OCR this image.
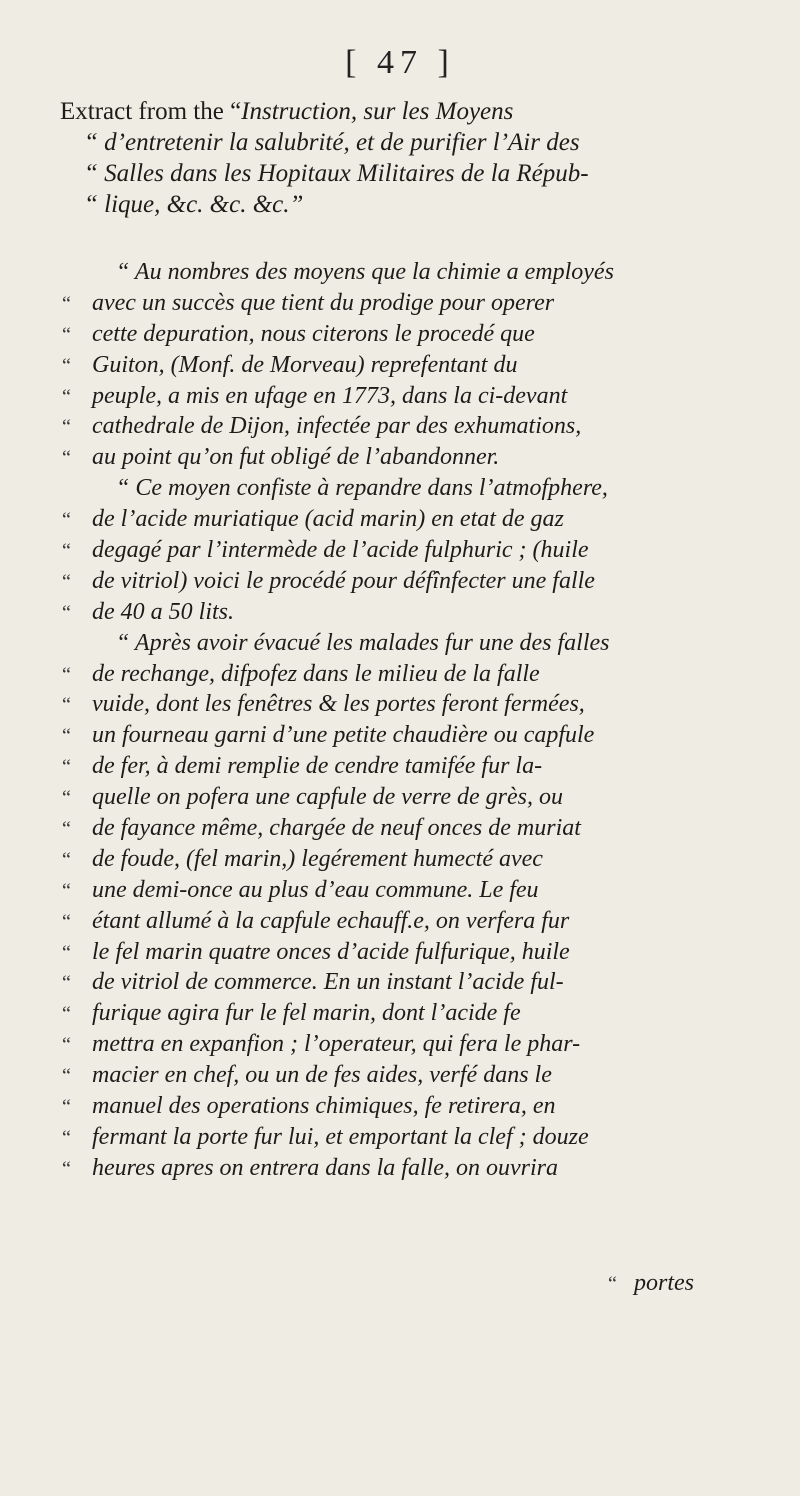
[ 47 ]
Extract from the “Instruction, sur les Moyens
“ d’entretenir la salubrité, et de purifier l’Air des
“ Salles dans les Hopitaux Militaires de la Répub-
“ lique, &c. &c. &c.”
“ Au nombres des moyens que la chimie a employés
“ avec un succès que tient du prodige pour operer
“ cette depuration, nous citerons le procedé que
“ Guiton, (Monf. de Morveau) reprefentant du
“ peuple, a mis en ufage en 1773, dans la ci-devant
“ cathedrale de Dijon, infectée par des exhumations,
“ au point qu’on fut obligé de l’abandonner.
“ Ce moyen confiste à repandre dans l’atmofphere,
“ de l’acide muriatique (acid marin) en etat de gaz
“ degagé par l’intermède de l’acide fulphuric ; (huile
“ de vitriol) voici le procédé pour défînfecter une falle
“ de 40 a 50 lits.
“ Après avoir évacué les malades fur une des falles
“ de rechange, difpofez dans le milieu de la falle
“ vuide, dont les fenêtres & les portes feront fermées,
“ un fourneau garni d’une petite chaudière ou capfule
“ de fer, à demi remplie de cendre tamifée fur la-
“ quelle on pofera une capfule de verre de grès, ou
“ de fayance même, chargée de neuf onces de muriat
“ de foude, (fel marin,) legérement humecté avec
“ une demi-once au plus d’eau commune. Le feu
“ étant allumé à la capfule echauff.e, on verfera fur
“ le fel marin quatre onces d’acide fulfurique, huile
“ de vitriol de commerce. En un instant l’acide ful-
“ furique agira fur le fel marin, dont l’acide fe
“ mettra en expanfion ; l’operateur, qui fera le phar-
“ macier en chef, ou un de fes aides, verfé dans le
“ manuel des operations chimiques, fe retirera, en
“ fermant la porte fur lui, et emportant la clef ; douze
“ heures apres on entrera dans la falle, on ouvrira
“ portes
